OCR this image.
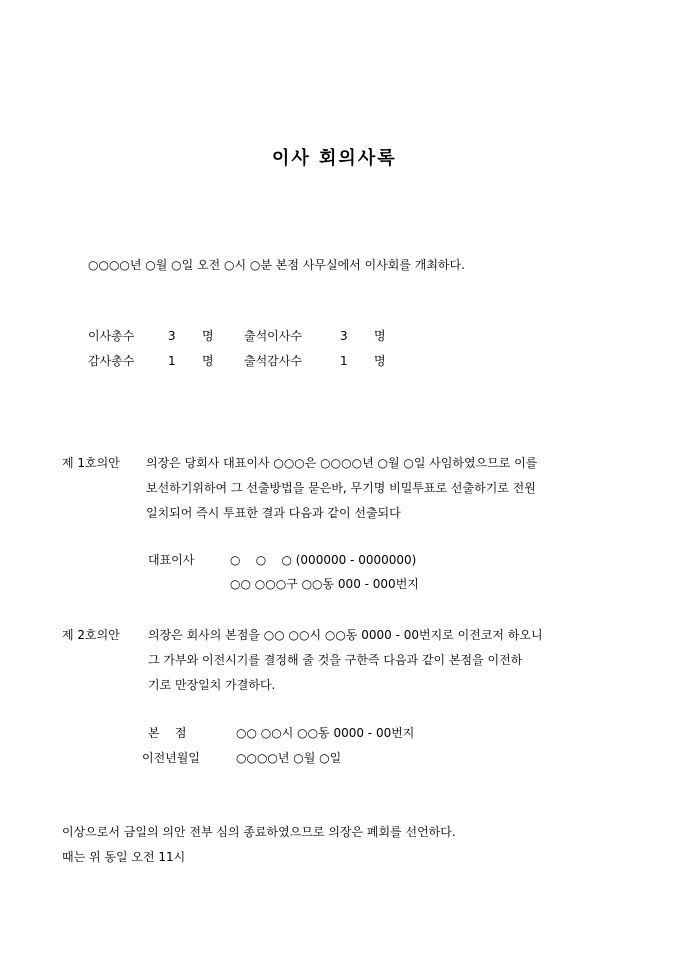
이사 회의사록
○○○○년 ○월 ○일 오전 ○시 ○분 본점 사무실에서 이사회를 개최하다.
이사총수	3 명	출석이사수	3 명
감사총수	1 명	출석감사수	1 명
제 1호의안 의장은 당회사 대표이사 ○○○은 ○○○○년 ○월 ○일 사임하였으므로 이를
보선하기위하여 그 선출방법을 묻은바, 무기명 비밀투표로 선출하기로 전원
일치되어 즉시 투표한 결과 다음과 같이 선출되다
대표이사	○    ○    ○ (000000 - 0000000)
○○ ○○○구 ○○동 000 - 000번지
제 2호의안 의장은 회사의 본점을 ○○ ○○시 ○○동 0000 - 00번지로 이전코저 하오니
그 가부와 이전시기를 결정해 줄 것을 구한즉 다음과 같이 본점을 이전하
기로 만장일치 가결하다.
본    점	○○ ○○시 ○○동 0000 - 00번지
이전년월일	○○○○년 ○월 ○일
이상으로서 금일의 의안 전부 심의 종료하였으므로 의장은 폐회를 선언하다.
때는 위 동일 오전 11시
